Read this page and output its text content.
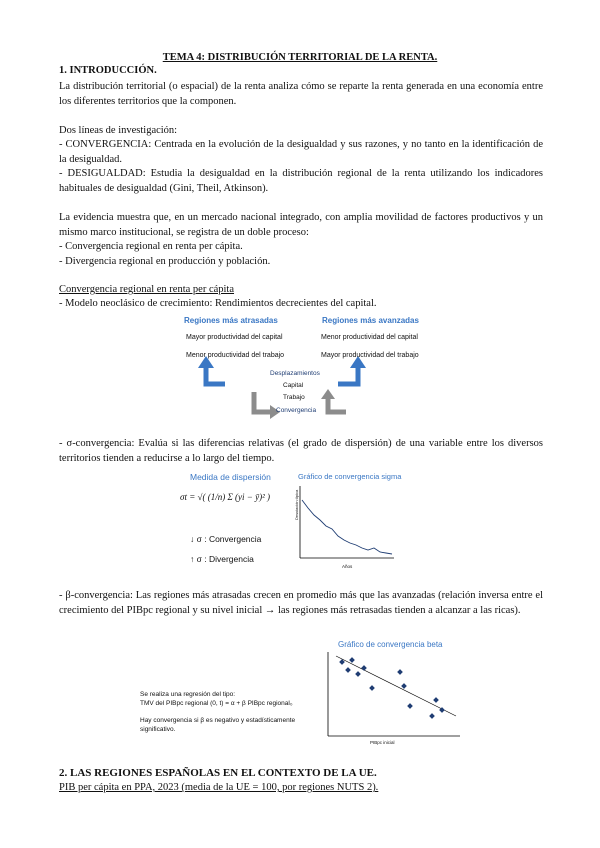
TEMA 4: DISTRIBUCIÓN TERRITORIAL DE LA RENTA.
1. INTRODUCCIÓN.
La distribución territorial (o espacial) de la renta analiza cómo se reparte la renta generada en una economía entre los diferentes territorios que la componen.
Dos líneas de investigación:
- CONVERGENCIA: Centrada en la evolución de la desigualdad y sus razones, y no tanto en la identificación de la desigualdad.
- DESIGUALDAD: Estudia la desigualdad en la distribución regional de la renta utilizando los indicadores habituales de desigualdad (Gini, Theil, Atkinson).
La evidencia muestra que, en un mercado nacional integrado, con amplia movilidad de factores productivos y un mismo marco institucional, se registra de un doble proceso:
- Convergencia regional en renta per cápita.
- Divergencia regional en producción y población.
Convergencia regional en renta per cápita
- Modelo neoclásico de crecimiento: Rendimientos decrecientes del capital.
Regiones más atrasadas	Regiones más avanzadas
Mayor productividad del capital
Menor productividad del trabajo
Menor productividad del capital
Mayor productividad del trabajo
Desplazamientos
Capital
Trabajo
Convergencia
- σ-convergencia: Evalúa si las diferencias relativas (el grado de dispersión) de una variable entre los diversos territorios tienden a reducirse a lo largo del tiempo.
Medida de dispersión
σt = √( (1/n) Σ (yi − ȳ)² )
↓ σ : Convergencia
↑ σ : Divergencia
Gráfico de convergencia sigma
Desviación típica
Años
- β-convergencia: Las regiones más atrasadas crecen en promedio más que las avanzadas (relación inversa entre el crecimiento del PIBpc regional y su nivel inicial → las regiones más retrasadas tienden a alcanzar a las ricas).
Se realiza una regresión del tipo:
TMV del PIBpc regional (0, t) = α + β PIBpc regional₀
Hay convergencia si β es negativo y estadísticamente
significativo.
Gráfico de convergencia beta
PIBpc inicial
2. LAS REGIONES ESPAÑOLAS EN EL CONTEXTO DE LA UE.
PIB per cápita en PPA, 2023 (media de la UE = 100, por regiones NUTS 2).
